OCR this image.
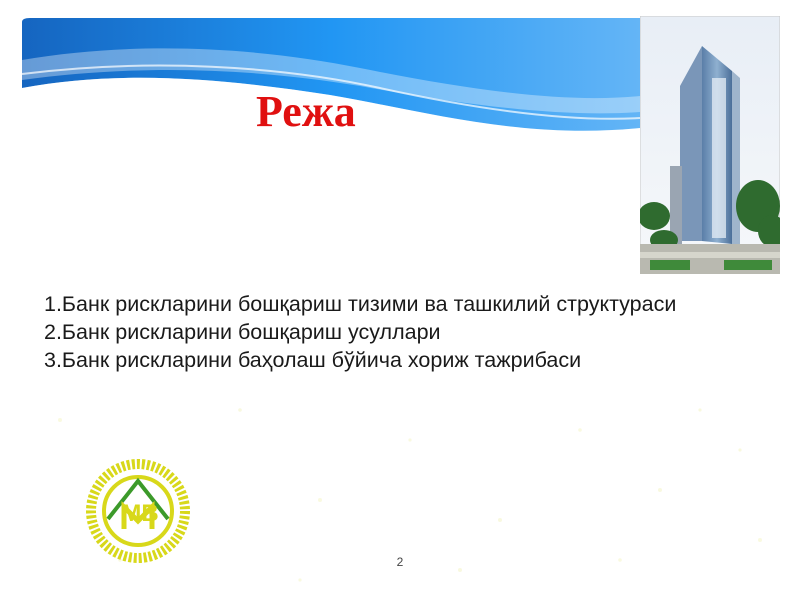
Режа
1.Банк рискларини бошқариш тизими ва ташкилий структураси
2.Банк рискларини бошқариш усуллари
3.Банк рискларини баҳолаш бўйича хориж тажрибаси
МВ
2
